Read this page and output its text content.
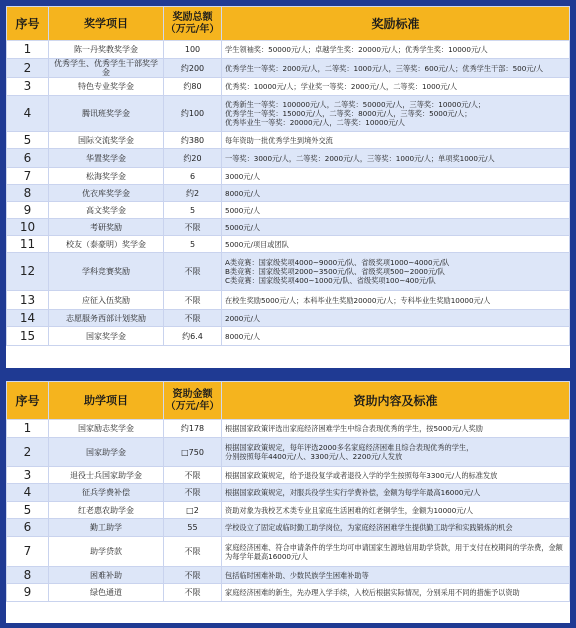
序号	奖学项目	奖励总额
（万元/年）	奖励标准
1	陈一丹奖教奖学金	100	学生领袖奖：50000元/人；卓越学生奖：20000元/人；优秀学生奖：10000元/人
2	优秀学生、优秀学生干部奖学金	约200	优秀学生一等奖：2000元/人，二等奖：1000元/人，三等奖：600元/人；优秀学生干部：500元/人
3	特色专业奖学金	约80	优秀奖：10000元/人；学业奖一等奖：2000元/人，二等奖：1000元/人
4	腾讯班奖学金	约100	优秀新生一等奖：100000元/人，二等奖：50000元/人，三等奖：10000元/人；
优秀学生一等奖：15000元/人，二等奖：8000元/人，三等奖：5000元/人；
优秀毕业生一等奖：20000元/人，二等奖：10000元/人
5	国际交流奖学金	约380	每年资助一批优秀学生到境外交流
6	华置奖学金	约20	一等奖：3000元/人，二等奖：2000元/人，三等奖：1000元/人；单项奖1000元/人
7	松海奖学金	6	3000元/人
8	优衣库奖学金	约2	8000元/人
9	高文奖学金	5	5000元/人
10	考研奖励	不限	5000元/人
11	校友（泰豪明）奖学金	5	5000元/项目或团队
12	学科竞赛奖励	不限	A类竞赛：国家级奖项4000~9000元/队、省级奖项1000~4000元/队
B类竞赛：国家级奖项2000~3500元/队、省级奖项500~2000元/队
C类竞赛：国家级奖项400~1000元/队、省级奖项100~400元/队
13	应征入伍奖励	不限	在校生奖励5000元/人；本科毕业生奖励20000元/人；专科毕业生奖励10000元/人
14	志愿服务西部计划奖励	不限	2000元/人
15	国家奖学金	约6.4	8000元/人
序号	助学项目	资助金额
（万元/年）	资助内容及标准
1	国家励志奖学金	约178	根据国家政策评选出家庭经济困难学生中综合表现优秀的学生，按5000元/人奖励
2	国家助学金	□750	根据国家政策规定，每年评选2000多名家庭经济困难且综合表现优秀的学生，
分别按照每年4400元/人、3300元/人、2200元/人发放
3	退役士兵国家助学金	不限	根据国家政策规定，给予退役复学或者退役入学的学生按照每年3300元/人的标准发放
4	征兵学费补偿	不限	根据国家政策规定，对服兵役学生实行学费补偿，金额为每学年最高16000元/人
5	红老惠农助学金	□2	资助对象为我校艺术类专业且家庭生活困难的红老铜学生，金额为10000元/人
6	勤工助学	55	学校设立了固定或临时勤工助学岗位，为家庭经济困难学生提供勤工助学和实践锻炼的机会
7	助学贷款	不限	家庭经济困难、符合申请条件的学生均可申请国家生源地信用助学贷款，用于支付在校期间的学杂费，金额为每学年最高16000元/人
8	困难补助	不限	包括临时困难补助、少数民族学生困难补助等
9	绿色通道	不限	家庭经济困难的新生，先办理入学手续，入校后根据实际情况，分别采用不同的措施予以资助
